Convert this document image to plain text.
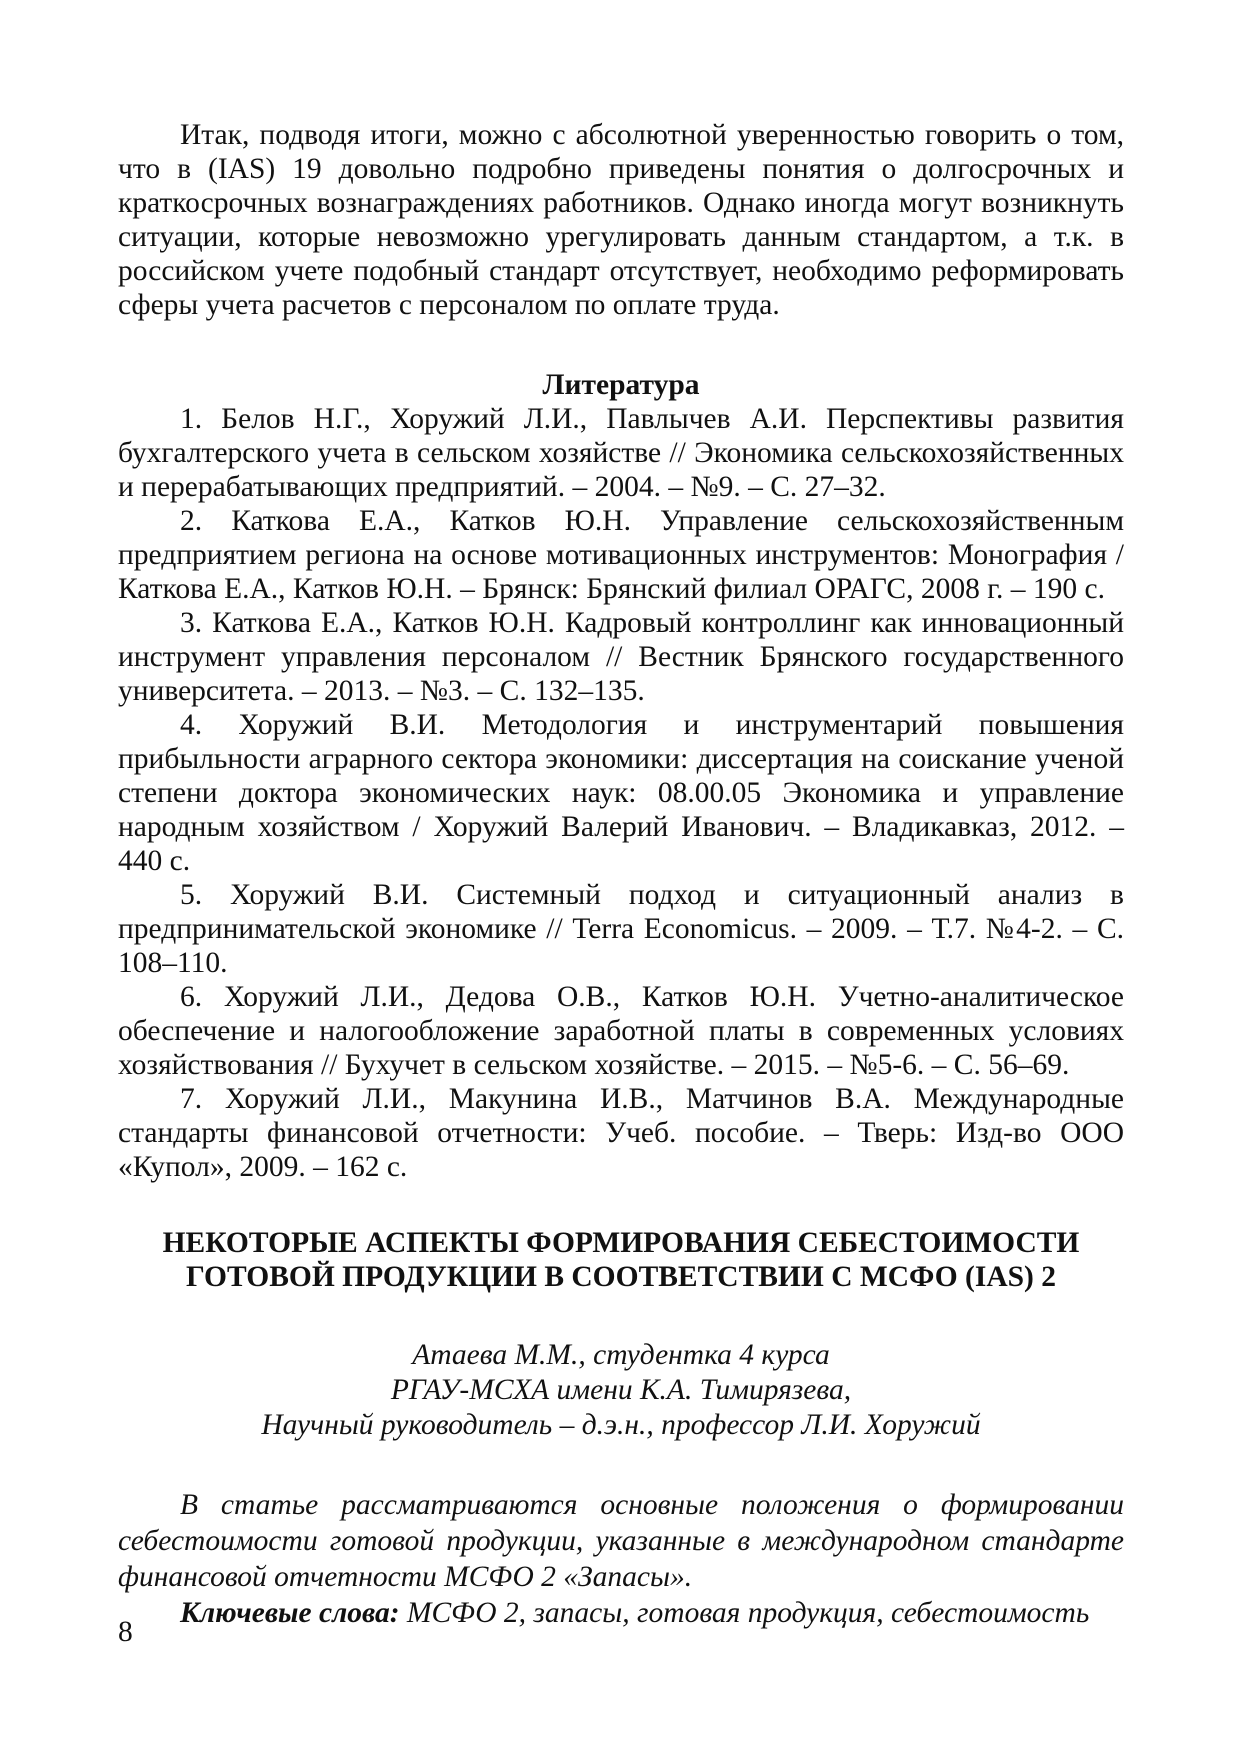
Итак, подводя итоги, можно с абсолютной уверенностью говорить о том, что в (IAS) 19 довольно подробно приведены понятия о долгосрочных и краткосрочных вознаграждениях работников. Однако иногда могут возникнуть ситуации, которые невозможно урегулировать данным стандартом, а т.к. в российском учете подобный стандарт отсутствует, необходимо реформировать сферы учета расчетов с персоналом по оплате труда.

Литература

1. Белов Н.Г., Хоружий Л.И., Павлычев А.И. Перспективы развития бухгалтерского учета в сельском хозяйстве // Экономика сельскохозяйственных и перерабатывающих предприятий. – 2004. – №9. – С. 27–32.

2. Каткова Е.А., Катков Ю.Н. Управление сельскохозяйственным предприятием региона на основе мотивационных инструментов: Монография / Каткова Е.А., Катков Ю.Н. – Брянск: Брянский филиал ОРАГС, 2008 г. – 190 с.

3. Каткова Е.А., Катков Ю.Н. Кадровый контроллинг как инновационный инструмент управления персоналом // Вестник Брянского государственного университета. – 2013. – №3. – С. 132–135.

4. Хоружий В.И. Методология и инструментарий повышения прибыльности аграрного сектора экономики: диссертация на соискание ученой степени доктора экономических наук: 08.00.05 Экономика и управление народным хозяйством / Хоружий Валерий Иванович. – Владикавказ, 2012. – 440 с.

5. Хоружий В.И. Системный подход и ситуационный анализ в предпринимательской экономике // Terra Economicus. – 2009. – Т.7. №4-2. – С. 108–110.

6. Хоружий Л.И., Дедова О.В., Катков Ю.Н. Учетно-аналитическое обеспечение и налогообложение заработной платы в современных условиях хозяйствования // Бухучет в сельском хозяйстве. – 2015. – №5-6. – С. 56–69.

7. Хоружий Л.И., Макунина И.В., Матчинов В.А. Международные стандарты финансовой отчетности: Учеб. пособие. – Тверь: Изд-во ООО «Купол», 2009. – 162 с.

НЕКОТОРЫЕ АСПЕКТЫ ФОРМИРОВАНИЯ СЕБЕСТОИМОСТИ
ГОТОВОЙ ПРОДУКЦИИ В СООТВЕТСТВИИ С МСФО (IAS) 2
Атаева М.М., студентка 4 курса
РГАУ-МСХА имени К.А. Тимирязева,
Научный руководитель – д.э.н., профессор Л.И. Хоружий

В статье рассматриваются основные положения о формировании себестоимости готовой продукции, указанные в международном стандарте финансовой отчетности МСФО 2 «Запасы».

Ключевые слова: МСФО 2, запасы, готовая продукция, себестоимость

8
